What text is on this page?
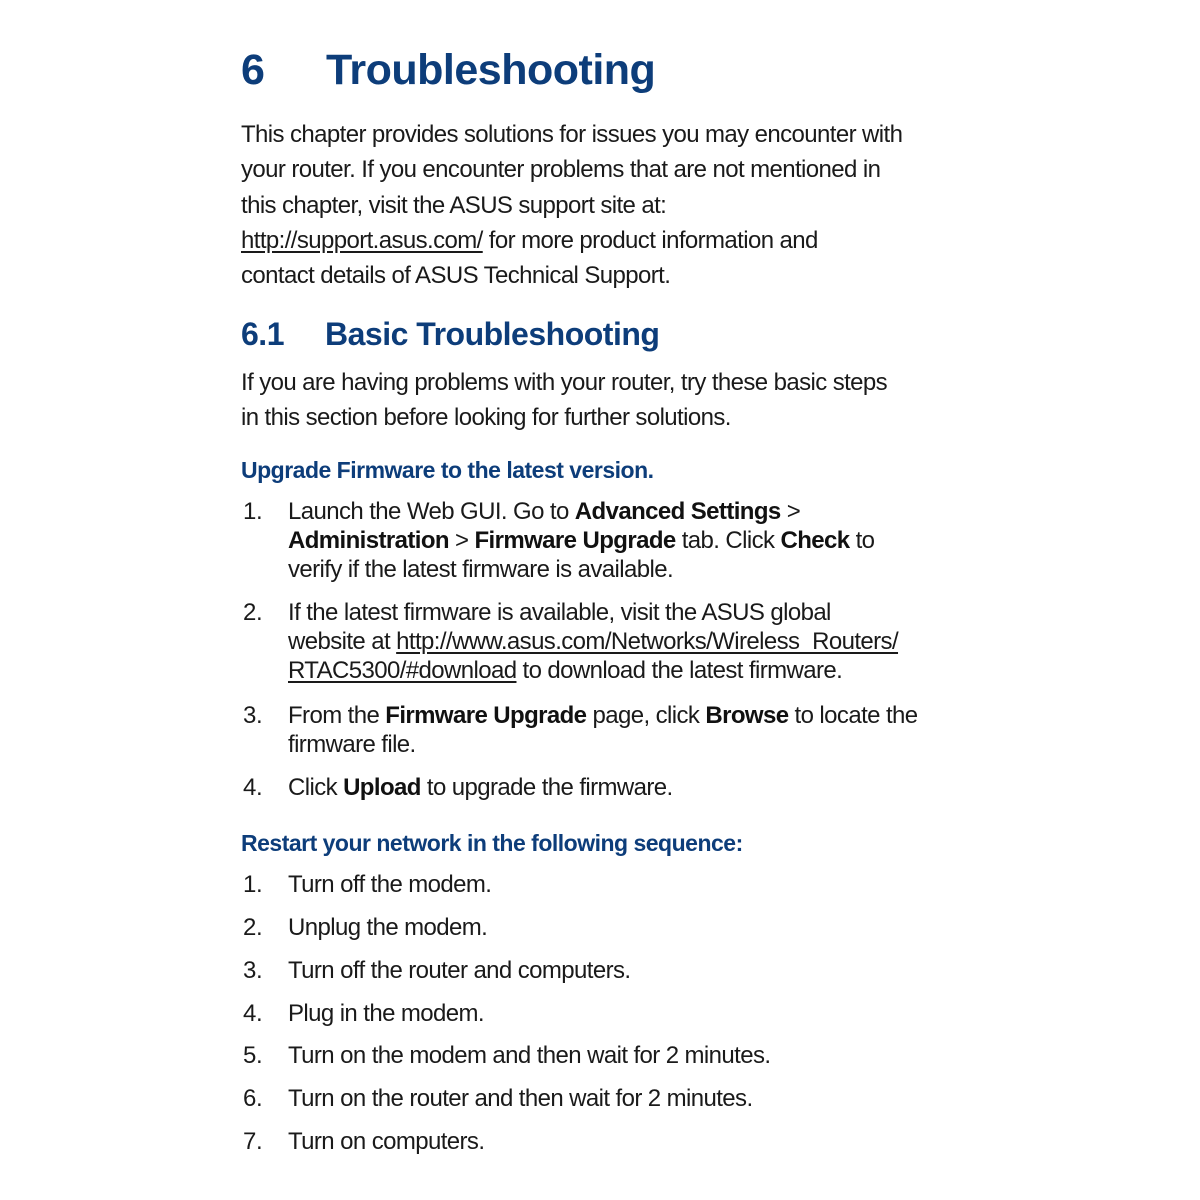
6 Troubleshooting
This chapter provides solutions for issues you may encounter with
your router. If you encounter problems that are not mentioned in
this chapter, visit the ASUS support site at:
http://support.asus.com/ for more product information and
contact details of ASUS Technical Support.
6.1 Basic Troubleshooting
If you are having problems with your router, try these basic steps
in this section before looking for further solutions.
Upgrade Firmware to the latest version.
1. Launch the Web GUI. Go to Advanced Settings >
Administration > Firmware Upgrade tab. Click Check to
verify if the latest firmware is available.
2. If the latest firmware is available, visit the ASUS global
website at http://www.asus.com/Networks/Wireless_Routers/
RTAC5300/#download to download the latest firmware.
3. From the Firmware Upgrade page, click Browse to locate the
firmware file.
4. Click Upload to upgrade the firmware.
Restart your network in the following sequence:
1. Turn off the modem.
2. Unplug the modem.
3. Turn off the router and computers.
4. Plug in the modem.
5. Turn on the modem and then wait for 2 minutes.
6. Turn on the router and then wait for 2 minutes.
7. Turn on computers.
